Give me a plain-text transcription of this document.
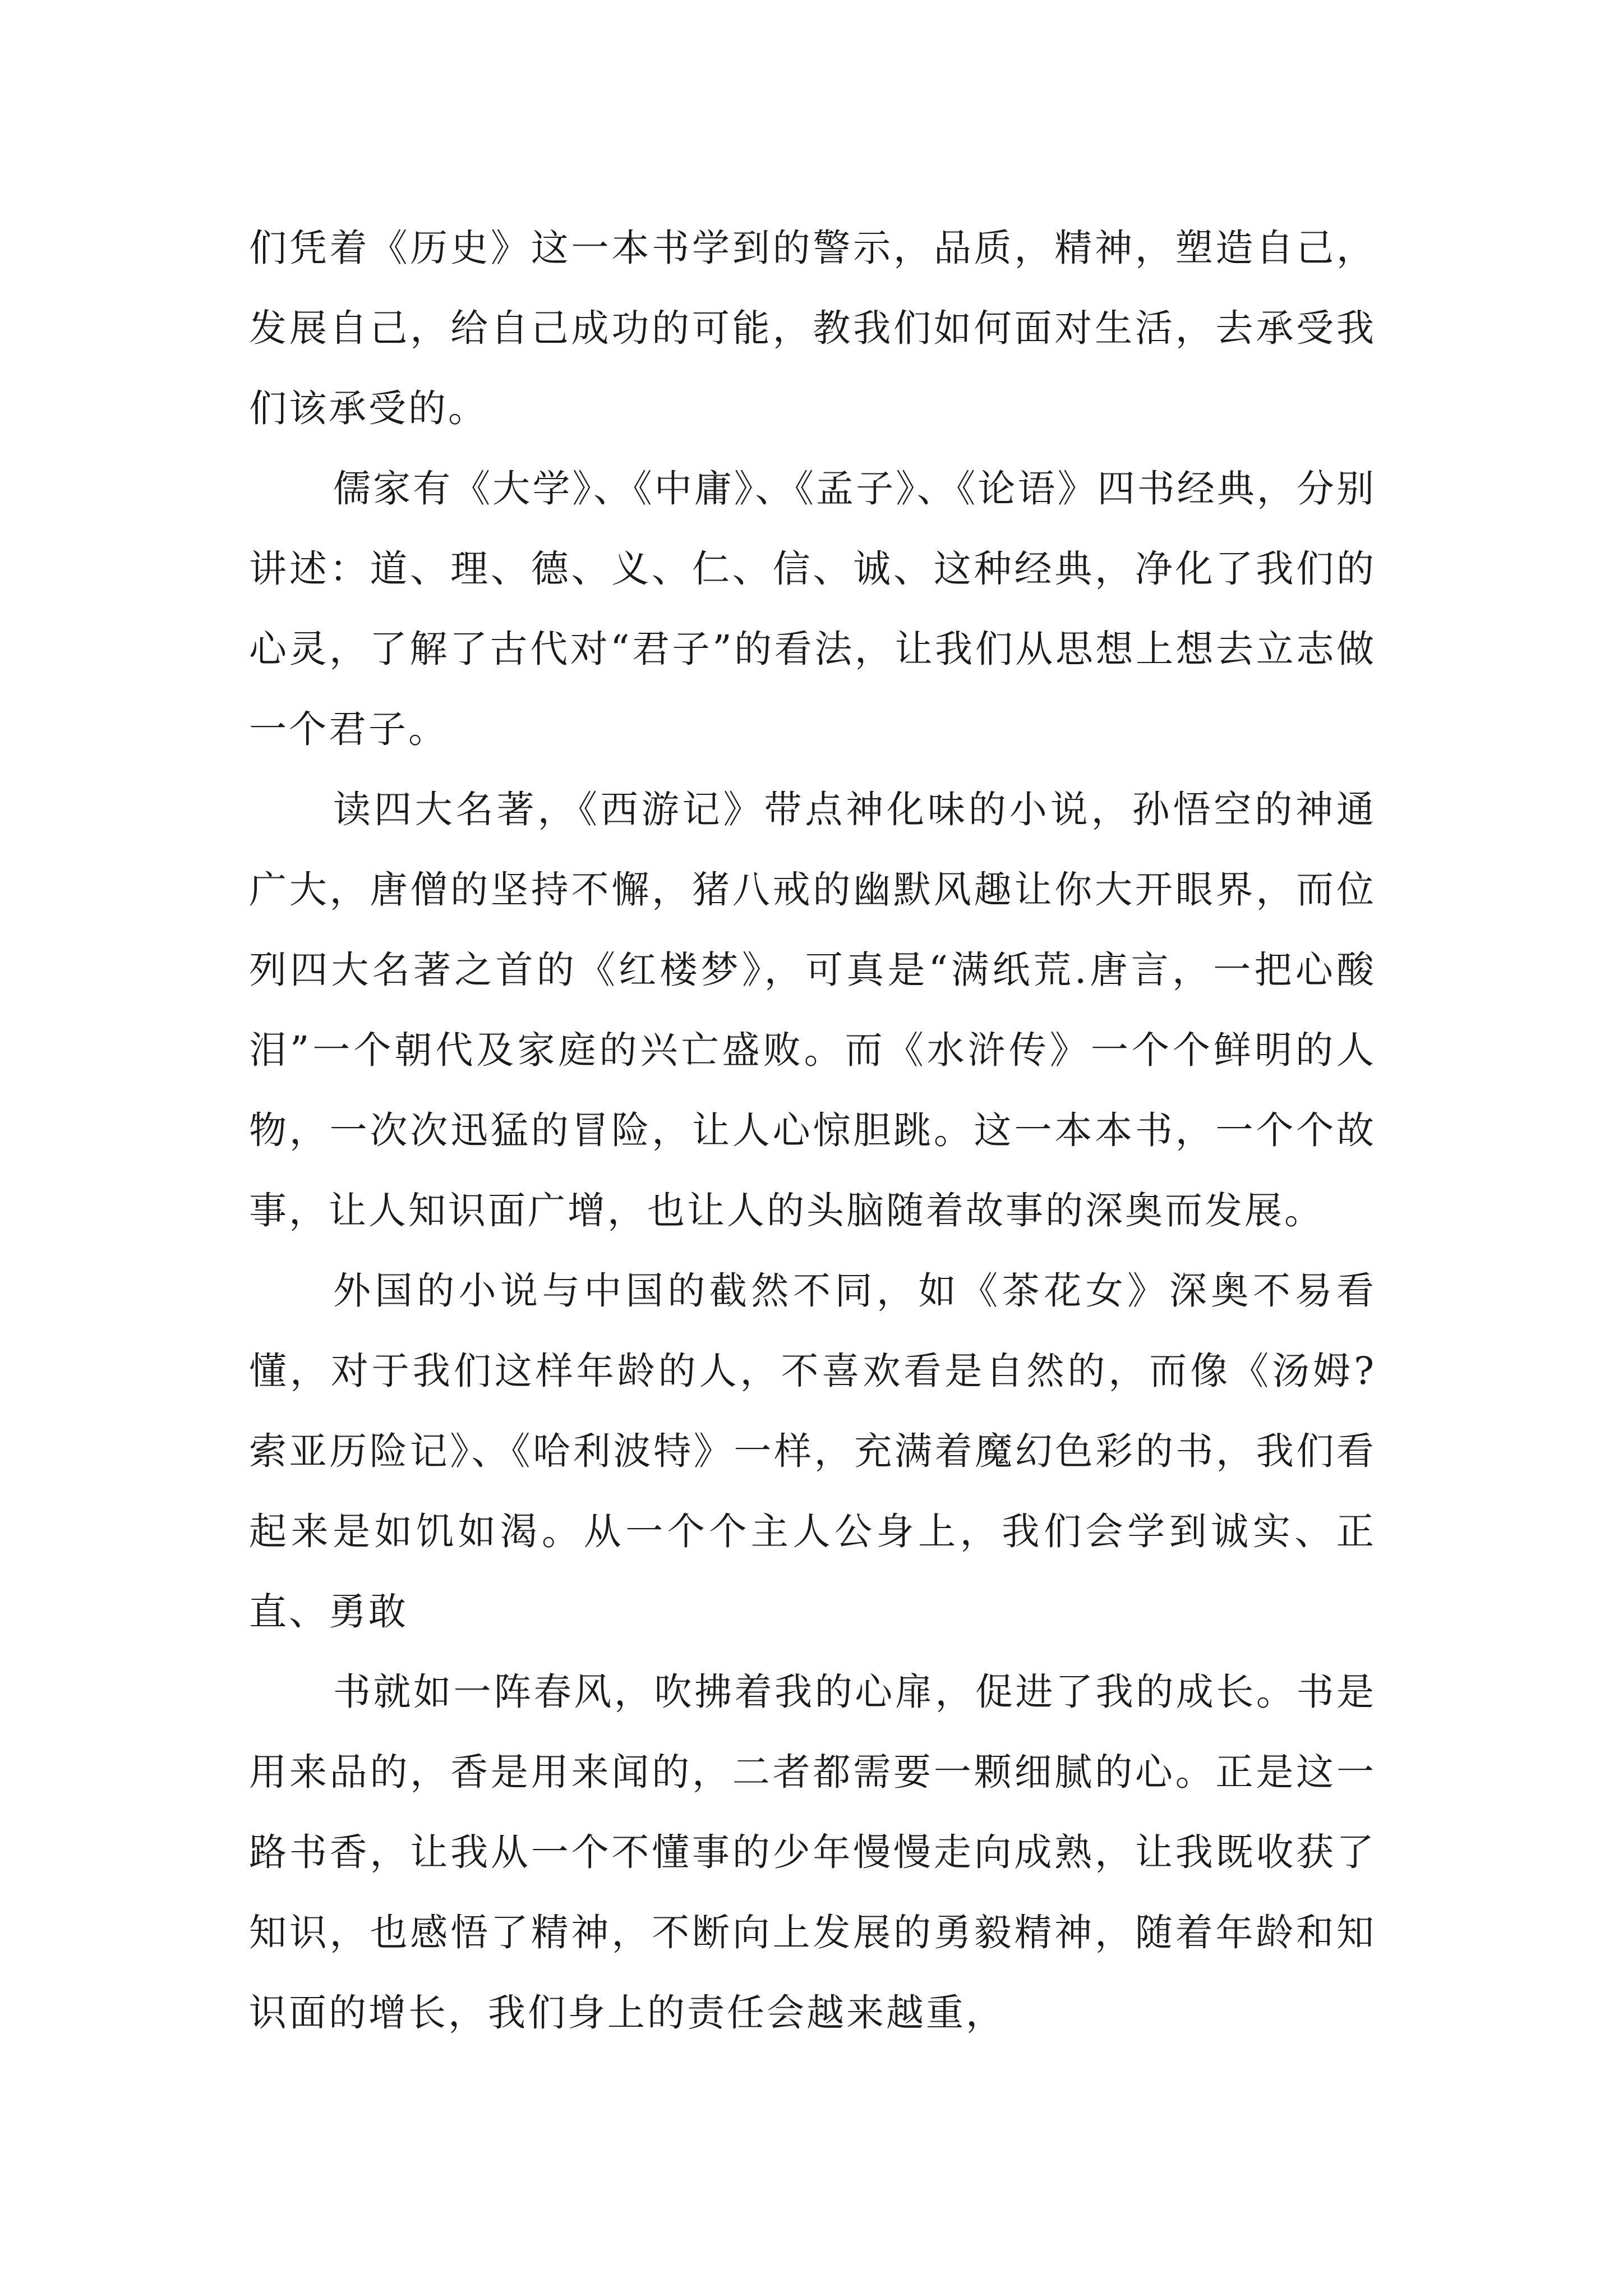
们凭着《历史》这一本书学到的警示，品质，精神，塑造自己，发展自己，给自己成功的可能，教我们如何面对生活，去承受我们该承受的。

儒家有《大学》、《中庸》、《孟子》、《论语》四书经典，分别讲述：道、理、德、义、仁、信、诚、这种经典，净化了我们的心灵，了解了古代对“君子”的看法，让我们从思想上想去立志做一个君子。

读四大名著，《西游记》带点神化味的小说，孙悟空的神通广大，唐僧的坚持不懈，猪八戒的幽默风趣让你大开眼界，而位列四大名著之首的《红楼梦》，可真是“满纸荒.唐言，一把心酸泪”一个朝代及家庭的兴亡盛败。而《水浒传》一个个鲜明的人物，一次次迅猛的冒险，让人心惊胆跳。这一本本书，一个个故事，让人知识面广增，也让人的头脑随着故事的深奥而发展。

外国的小说与中国的截然不同，如《茶花女》深奥不易看懂，对于我们这样年龄的人，不喜欢看是自然的，而像《汤姆?索亚历险记》、《哈利波特》一样，充满着魔幻色彩的书，我们看起来是如饥如渴。从一个个主人公身上，我们会学到诚实、正直、勇敢

书就如一阵春风，吹拂着我的心扉，促进了我的成长。书是用来品的，香是用来闻的，二者都需要一颗细腻的心。正是这一路书香，让我从一个不懂事的少年慢慢走向成熟，让我既收获了知识，也感悟了精神，不断向上发展的勇毅精神，随着年龄和知识面的增长，我们身上的责任会越来越重，
